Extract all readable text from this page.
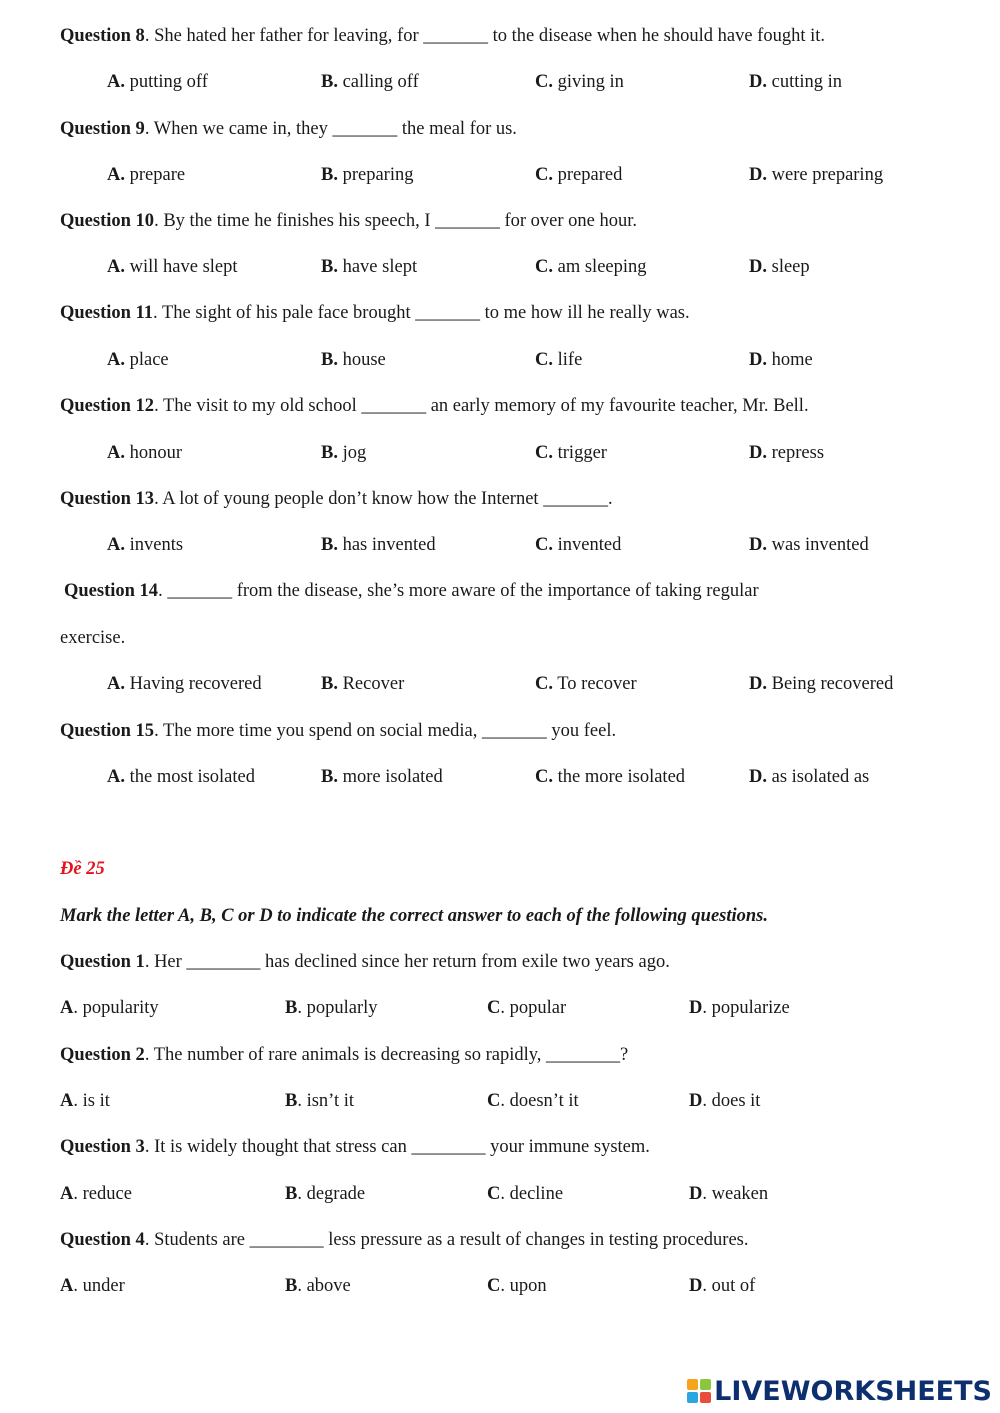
Question 8. She hated her father for leaving, for _______ to the disease when he should have fought it.
A. putting off	B. calling off	C. giving in	D. cutting in
Question 9. When we came in, they _______ the meal for us.
A. prepare	B. preparing	C. prepared	D. were preparing
Question 10. By the time he finishes his speech, I _______ for over one hour.
A. will have slept	B. have slept	C. am sleeping	D. sleep
Question 11. The sight of his pale face brought _______ to me how ill he really was.
A. place	B. house	C. life	D. home
Question 12. The visit to my old school _______ an early memory of my favourite teacher, Mr. Bell.
A. honour	B. jog	C. trigger	D. repress
Question 13. A lot of young people don’t know how the Internet _______.
A. invents	B. has invented	C. invented	D. was invented
Question 14. _______ from the disease, she’s more aware of the importance of taking regular
exercise.
A. Having recovered	B. Recover	C. To recover	D. Being recovered
Question 15. The more time you spend on social media, _______ you feel.
A. the most isolated	B. more isolated	C. the more isolated	D. as isolated as
Đề 25
Mark the letter A, B, C or D to indicate the correct answer to each of the following questions.
Question 1. Her ________ has declined since her return from exile two years ago.
A. popularity	B. popularly	C. popular	D. popularize
Question 2. The number of rare animals is decreasing so rapidly, ________?
A. is it	B. isn’t it	C. doesn’t it	D. does it
Question 3. It is widely thought that stress can ________ your immune system.
A. reduce	B. degrade	C. decline	D. weaken
Question 4. Students are ________ less pressure as a result of changes in testing procedures.
A. under	B. above	C. upon	D. out of
LIVEWORKSHEETS
